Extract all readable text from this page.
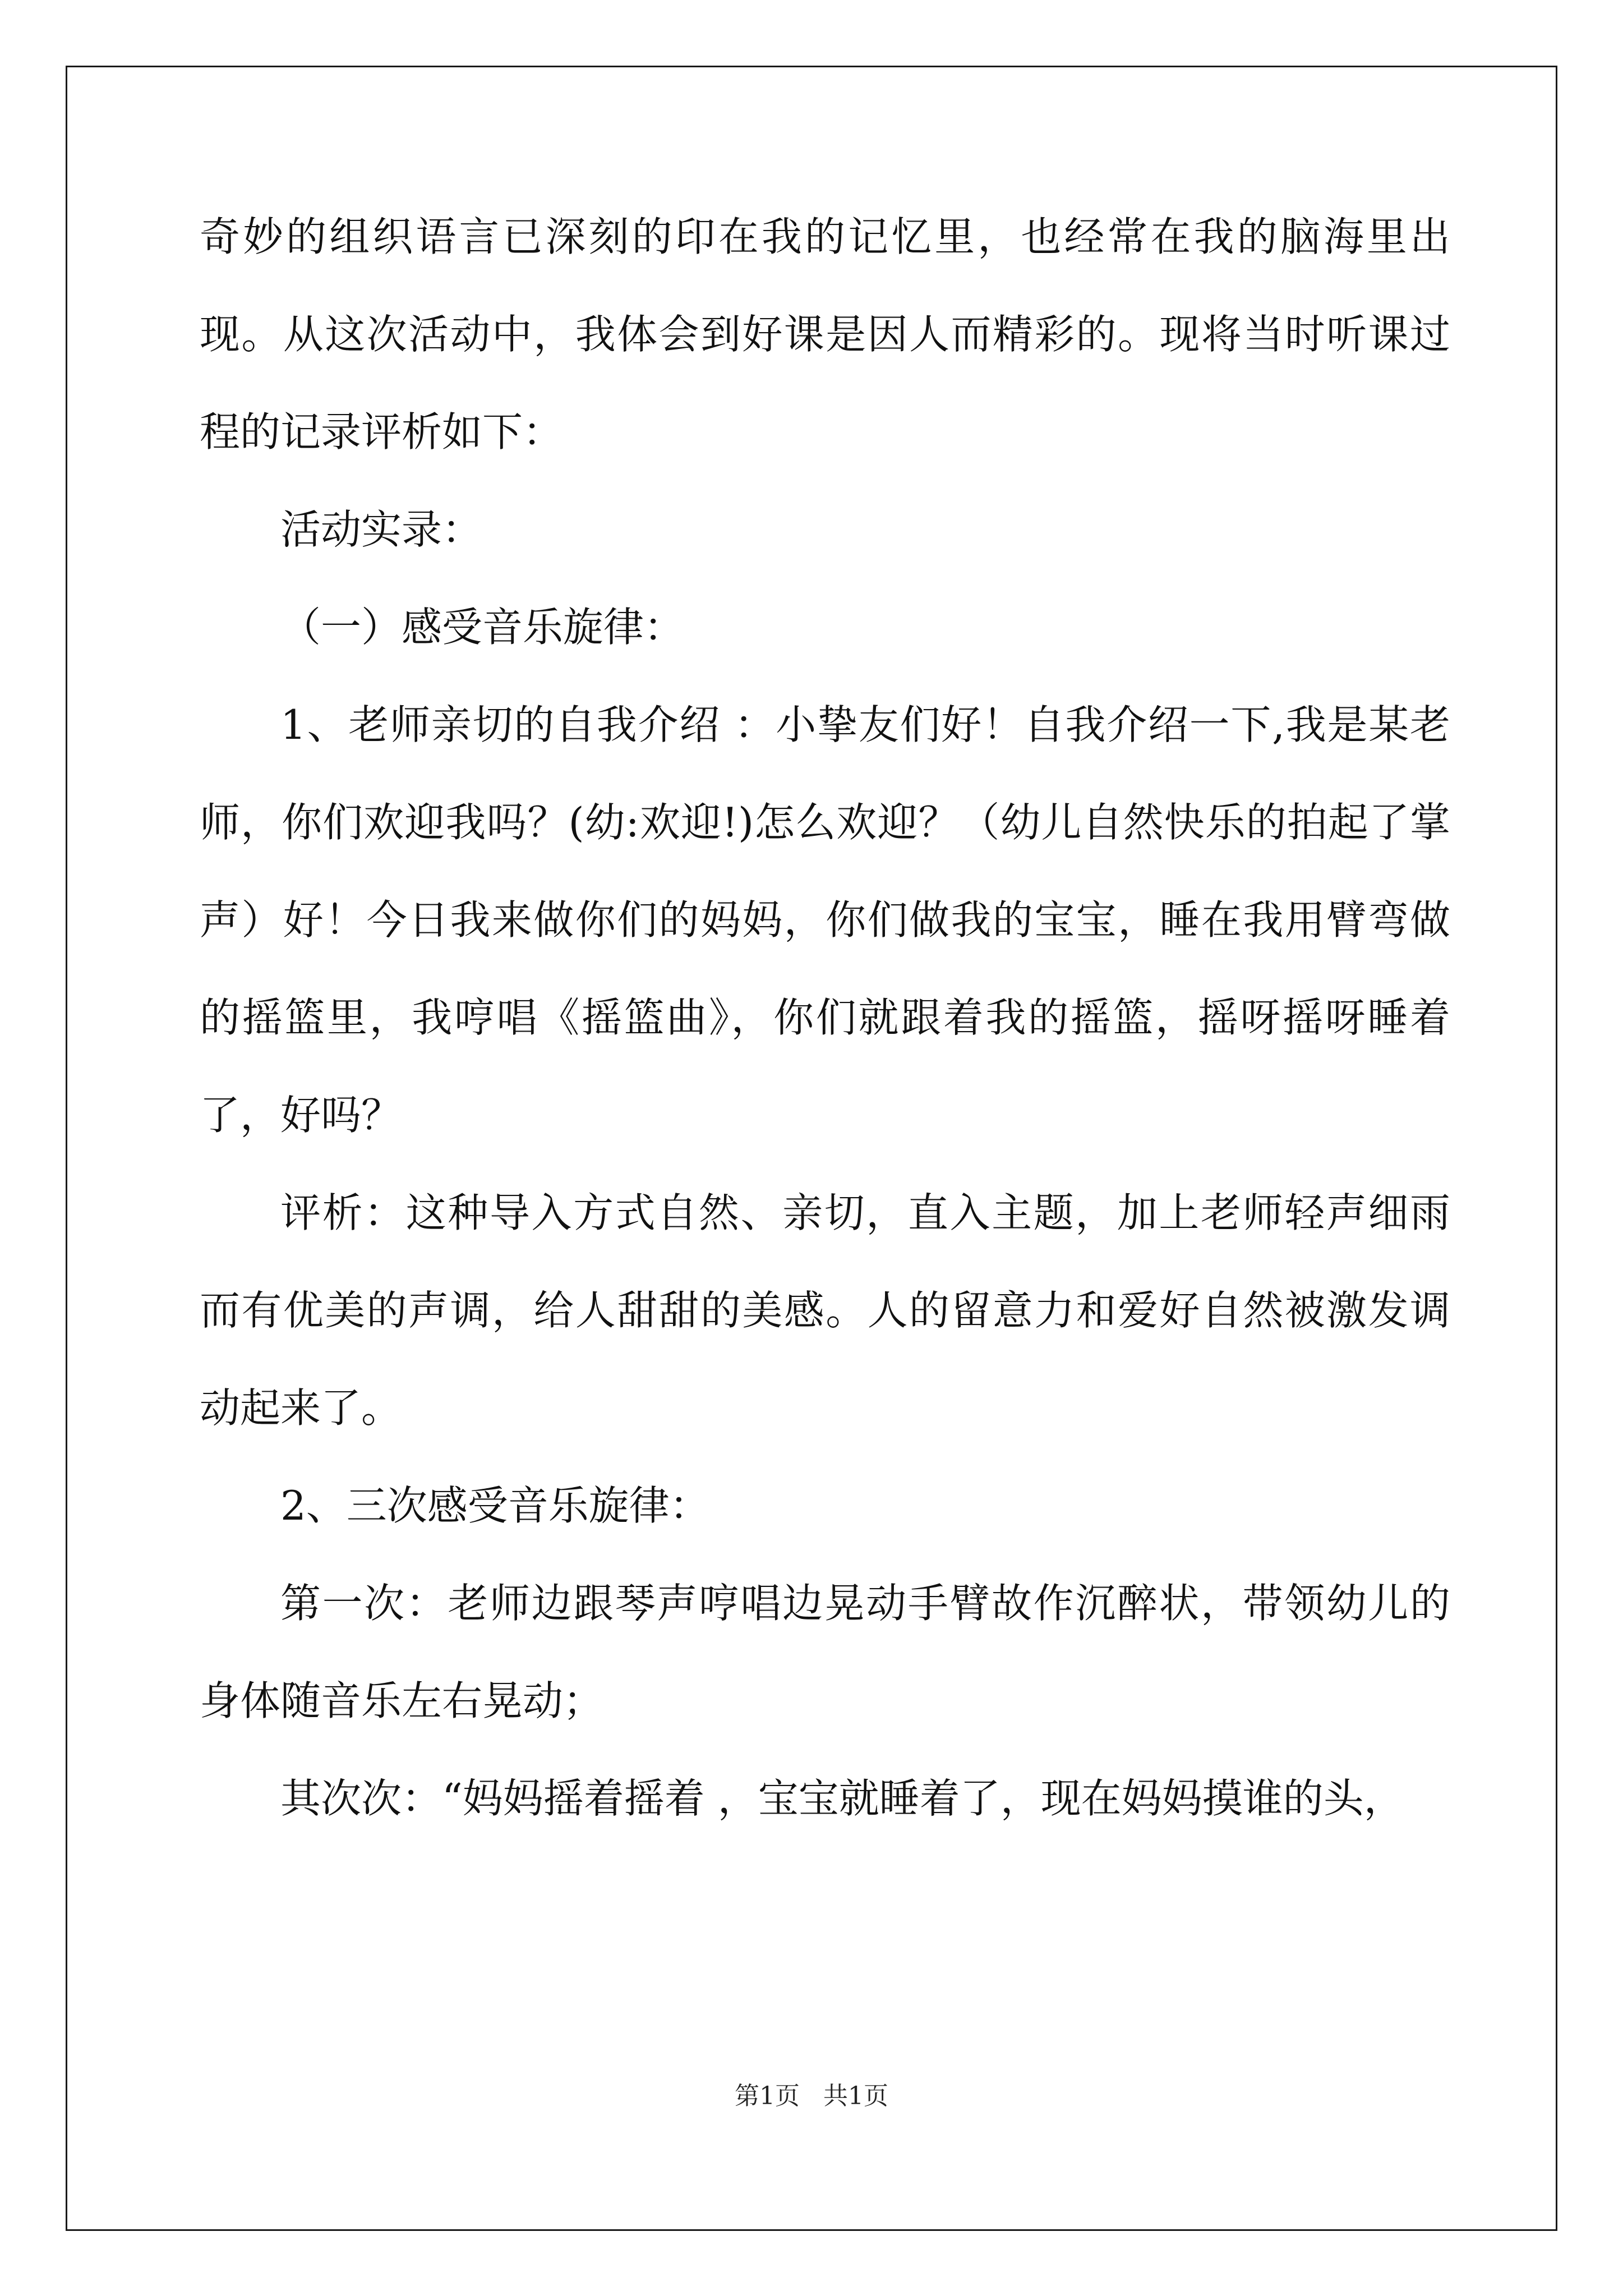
奇妙的组织语言已深刻的印在我的记忆里，也经常在我的脑海里出现。从这次活动中，我体会到好课是因人而精彩的。现将当时听课过程的记录评析如下：

活动实录：

（一）感受音乐旋律：

1、老师亲切的自我介绍 ：小挚友们好！自我介绍一下,我是某老师，你们欢迎我吗？(幼:欢迎!)怎么欢迎？（幼儿自然快乐的拍起了掌声）好！今日我来做你们的妈妈，你们做我的宝宝，睡在我用臂弯做的摇篮里，我哼唱《摇篮曲》，你们就跟着我的摇篮，摇呀摇呀睡着了，好吗？

评析：这种导入方式自然、亲切，直入主题，加上老师轻声细雨而有优美的声调，给人甜甜的美感。人的留意力和爱好自然被激发调动起来了。

2、三次感受音乐旋律：

第一次：老师边跟琴声哼唱边晃动手臂故作沉醉状，带领幼儿的身体随音乐左右晃动；

其次次：“妈妈摇着摇着 ，宝宝就睡着了，现在妈妈摸谁的头，

第1页   共1页
